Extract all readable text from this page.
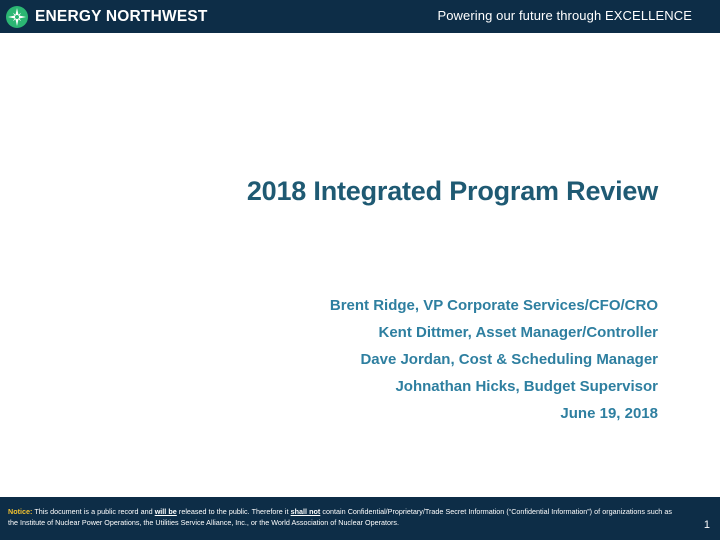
ENERGY NORTHWEST	Powering our future through EXCELLENCE
2018 Integrated Program Review
Brent Ridge, VP Corporate Services/CFO/CRO
Kent Dittmer, Asset Manager/Controller
Dave Jordan, Cost & Scheduling Manager
Johnathan Hicks, Budget Supervisor
June 19, 2018
Notice: This document is a public record and will be released to the public. Therefore it shall not contain Confidential/Proprietary/Trade Secret Information (“Confidential Information”) of organizations such as the Institute of Nuclear Power Operations, the Utilities Service Alliance, Inc., or the World Association of Nuclear Operators.	1
